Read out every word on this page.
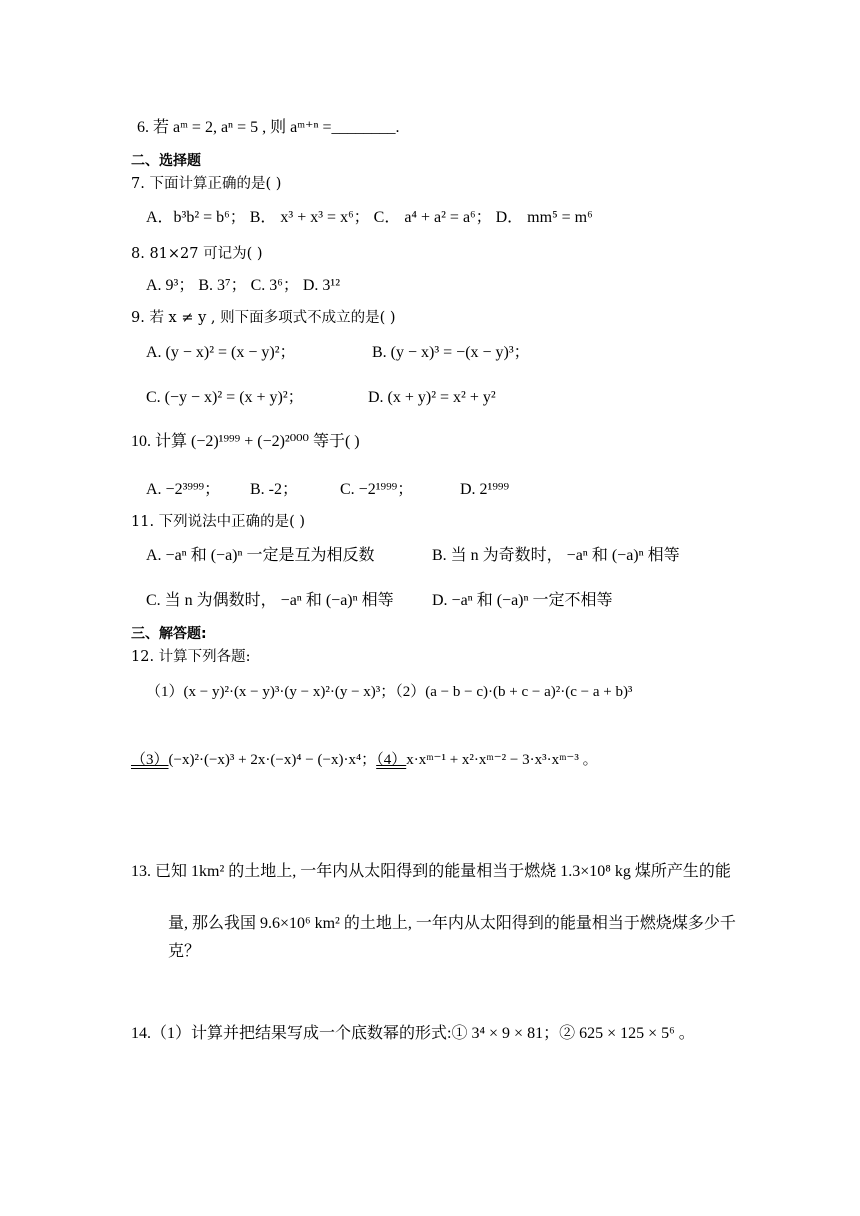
6. 若 aᵐ = 2, aⁿ = 5 , 则 aᵐ⁺ⁿ =________.
二、选择题
7. 下面计算正确的是( )
A．b³b² = b⁶； B． x³ + x³ = x⁶； C． a⁴ + a² = a⁶； D． mm⁵ = m⁶
8. 81×27 可记为( )
A. 9³； B. 3⁷； C. 3⁶； D. 3¹²
9. 若 x ≠ y , 则下面多项式不成立的是( )
A. (y − x)² = (x − y)²；	B. (y − x)³ = −(x − y)³；
C. (−y − x)² = (x + y)²；	D. (x + y)² = x² + y²
10. 计算 (−2)¹⁹⁹⁹ + (−2)²⁰⁰⁰ 等于( )
A. −2³⁹⁹⁹； B. -2；	C. −2¹⁹⁹⁹；	D. 2¹⁹⁹⁹
11. 下列说法中正确的是( )
A. −aⁿ 和 (−a)ⁿ 一定是互为相反数	B. 当 n 为奇数时， −aⁿ 和 (−a)ⁿ 相等
C. 当 n 为偶数时， −aⁿ 和 (−a)ⁿ 相等 D. −aⁿ 和 (−a)ⁿ 一定不相等
三、解答题:
12. 计算下列各题:
（1）(x − y)²·(x − y)³·(y − x)²·(y − x)³；（2）(a − b − c)·(b + c − a)²·(c − a + b)³
（3）(−x)²·(−x)³ + 2x·(−x)⁴ − (−x)·x⁴；（4）x·xᵐ⁻¹ + x²·xᵐ⁻² − 3·x³·xᵐ⁻³ 。
13. 已知 1km² 的土地上, 一年内从太阳得到的能量相当于燃烧 1.3×10⁸ kg 煤所产生的能
量, 那么我国 9.6×10⁶ km² 的土地上, 一年内从太阳得到的能量相当于燃烧煤多少千
克？
14.（1）计算并把结果写成一个底数幂的形式:① 3⁴ × 9 × 81；② 625 × 125 × 5⁶ 。
